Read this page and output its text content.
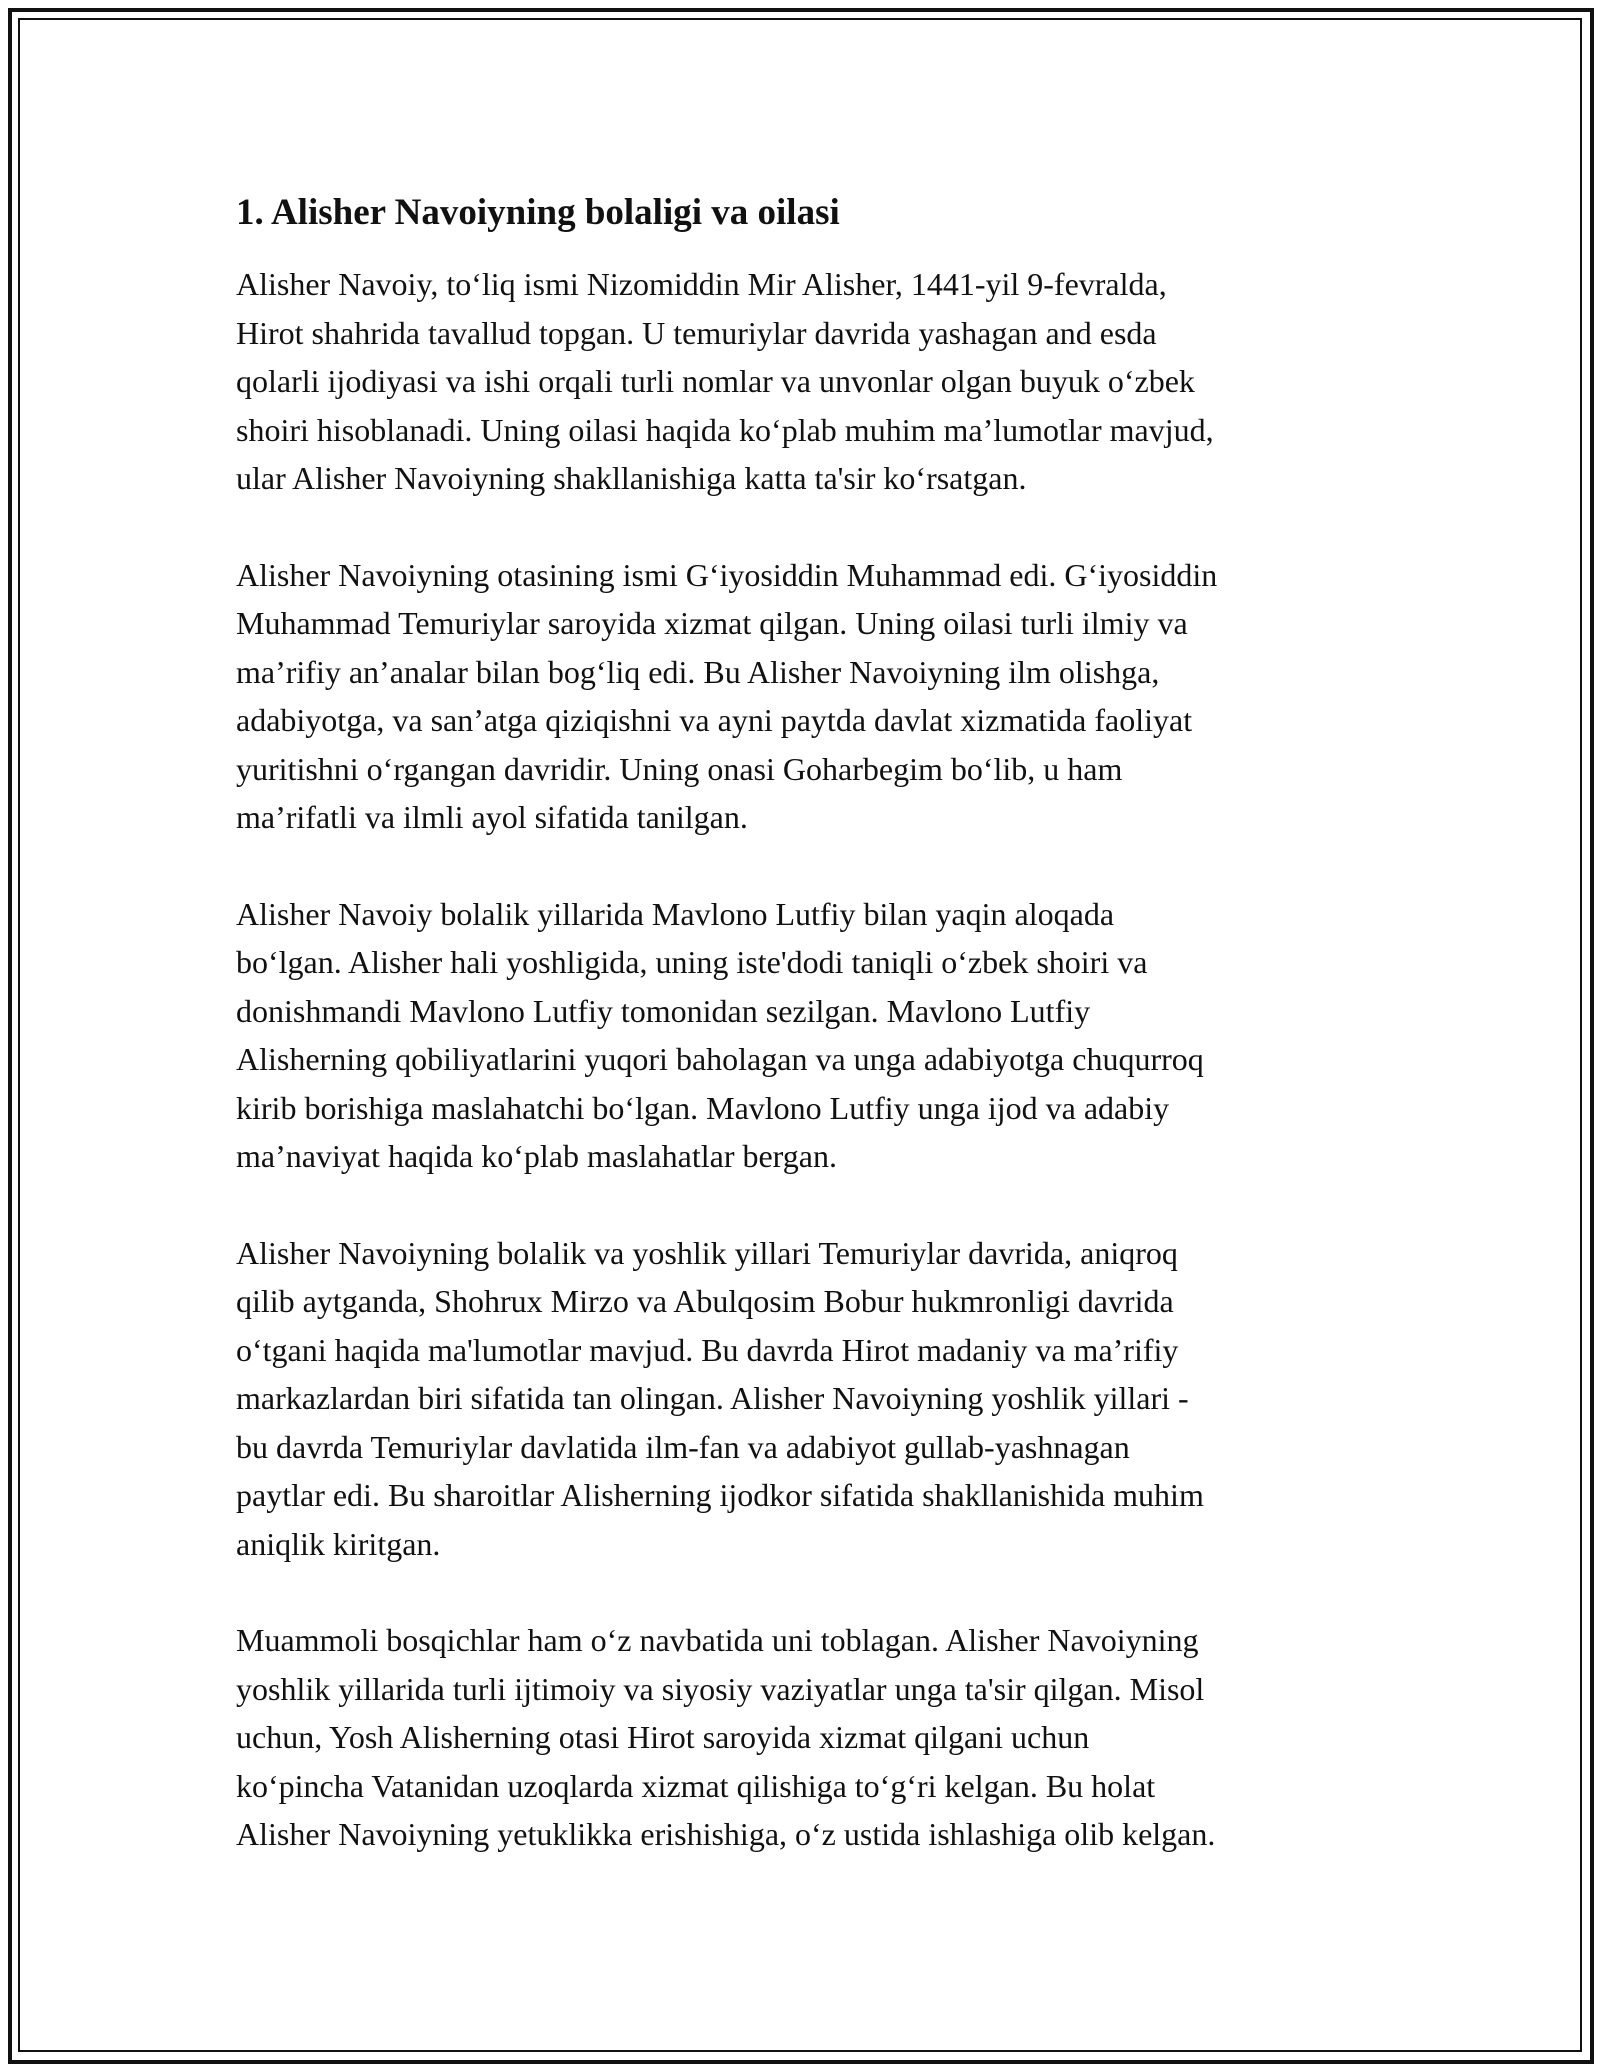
1. Alisher Navoiyning bolaligi va oilasi

Alisher Navoiy, to‘liq ismi Nizomiddin Mir Alisher, 1441-yil 9-fevralda,
Hirot shahrida tavallud topgan. U temuriylar davrida yashagan and esda
qolarli ijodiyasi va ishi orqali turli nomlar va unvonlar olgan buyuk o‘zbek
shoiri hisoblanadi. Uning oilasi haqida ko‘plab muhim ma’lumotlar mavjud,
ular Alisher Navoiyning shakllanishiga katta ta'sir ko‘rsatgan.

Alisher Navoiyning otasining ismi G‘iyosiddin Muhammad edi. G‘iyosiddin
Muhammad Temuriylar saroyida xizmat qilgan. Uning oilasi turli ilmiy va
ma’rifiy an’analar bilan bog‘liq edi. Bu Alisher Navoiyning ilm olishga,
adabiyotga, va san’atga qiziqishni va ayni paytda davlat xizmatida faoliyat
yuritishni o‘rgangan davridir. Uning onasi Goharbegim bo‘lib, u ham
ma’rifatli va ilmli ayol sifatida tanilgan.

Alisher Navoiy bolalik yillarida Mavlono Lutfiy bilan yaqin aloqada
bo‘lgan. Alisher hali yoshligida, uning iste'dodi taniqli o‘zbek shoiri va
donishmandi Mavlono Lutfiy tomonidan sezilgan. Mavlono Lutfiy
Alisherning qobiliyatlarini yuqori baholagan va unga adabiyotga chuqurroq
kirib borishiga maslahatchi bo‘lgan. Mavlono Lutfiy unga ijod va adabiy
ma’naviyat haqida ko‘plab maslahatlar bergan.

Alisher Navoiyning bolalik va yoshlik yillari Temuriylar davrida, aniqroq
qilib aytganda, Shohrux Mirzo va Abulqosim Bobur hukmronligi davrida
o‘tgani haqida ma'lumotlar mavjud. Bu davrda Hirot madaniy va ma’rifiy
markazlardan biri sifatida tan olingan. Alisher Navoiyning yoshlik yillari -
bu davrda Temuriylar davlatida ilm-fan va adabiyot gullab-yashnagan
paytlar edi. Bu sharoitlar Alisherning ijodkor sifatida shakllanishida muhim
aniqlik kiritgan.

Muammoli bosqichlar ham o‘z navbatida uni toblagan. Alisher Navoiyning
yoshlik yillarida turli ijtimoiy va siyosiy vaziyatlar unga ta'sir qilgan. Misol
uchun, Yosh Alisherning otasi Hirot saroyida xizmat qilgani uchun
ko‘pincha Vatanidan uzoqlarda xizmat qilishiga to‘g‘ri kelgan. Bu holat
Alisher Navoiyning yetuklikka erishishiga, o‘z ustida ishlashiga olib kelgan.
